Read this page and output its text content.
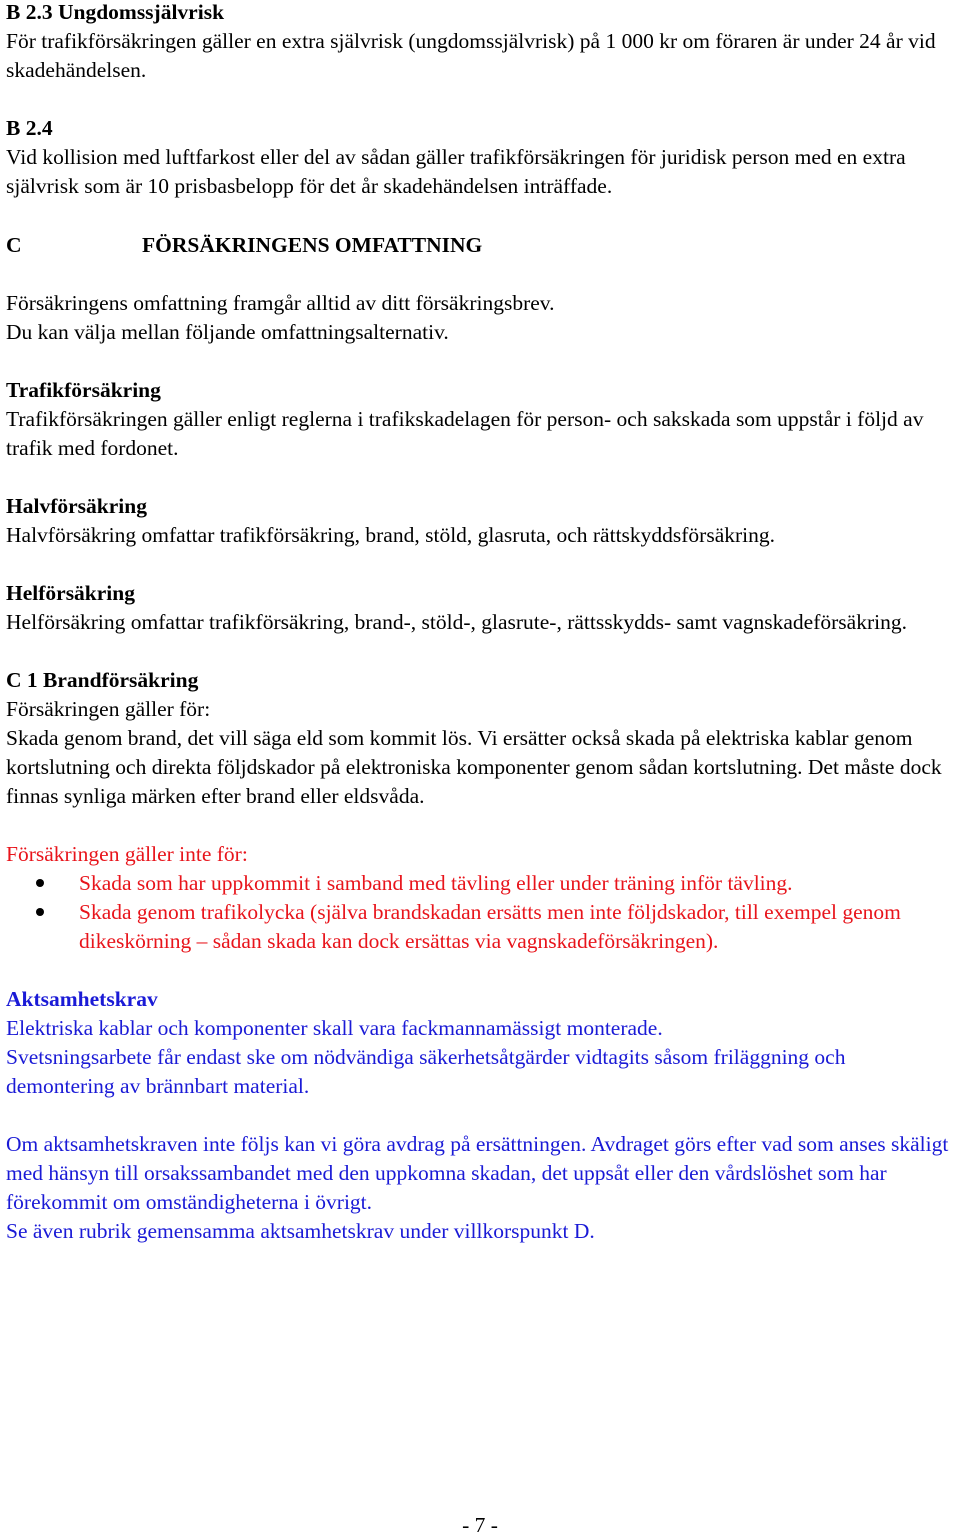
B 2.3 Ungdomssjälvrisk

För trafikförsäkringen gäller en extra självrisk (ungdomssjälvrisk) på 1 000 kr om föraren är under 24 år vid skadehändelsen.

B 2.4

Vid kollision med luftfarkost eller del av sådan gäller trafikförsäkringen för juridisk person med en extra självrisk som är 10 prisbasbelopp för det år skadehändelsen inträffade.

C	FÖRSÄKRINGENS OMFATTNING

Försäkringens omfattning framgår alltid av ditt försäkringsbrev.

Du kan välja mellan följande omfattningsalternativ.

Trafikförsäkring

Trafikförsäkringen gäller enligt reglerna i trafikskadelagen för person- och sakskada som uppstår i följd av trafik med fordonet.

Halvförsäkring

Halvförsäkring omfattar trafikförsäkring, brand, stöld, glasruta, och rättskyddsförsäkring.

Helförsäkring

Helförsäkring omfattar trafikförsäkring, brand-, stöld-, glasrute-, rättsskydds- samt vagnskadeförsäkring.

C 1 Brandförsäkring

Försäkringen gäller för:

Skada genom brand, det vill säga eld som kommit lös. Vi ersätter också skada på elektriska kablar genom kortslutning och direkta följdskador på elektroniska komponenter genom sådan kortslutning. Det måste dock finnas synliga märken efter brand eller eldsvåda.

Försäkringen gäller inte för:

Skada som har uppkommit i samband med tävling eller under träning inför tävling.
Skada genom trafikolycka (själva brandskadan ersätts men inte följdskador, till exempel genom dikeskörning – sådan skada kan dock ersättas via vagnskadeförsäkringen).

Aktsamhetskrav

Elektriska kablar och komponenter skall vara fackmannamässigt monterade.

Svetsningsarbete får endast ske om nödvändiga säkerhetsåtgärder vidtagits såsom friläggning och demontering av brännbart material.

Om aktsamhetskraven inte följs kan vi göra avdrag på ersättningen. Avdraget görs efter vad som anses skäligt med hänsyn till orsakssambandet med den uppkomna skadan, det uppsåt eller den vårdslöshet som har förekommit om omständigheterna i övrigt.

Se även rubrik gemensamma aktsamhetskrav under villkorspunkt D.

- 7 -
